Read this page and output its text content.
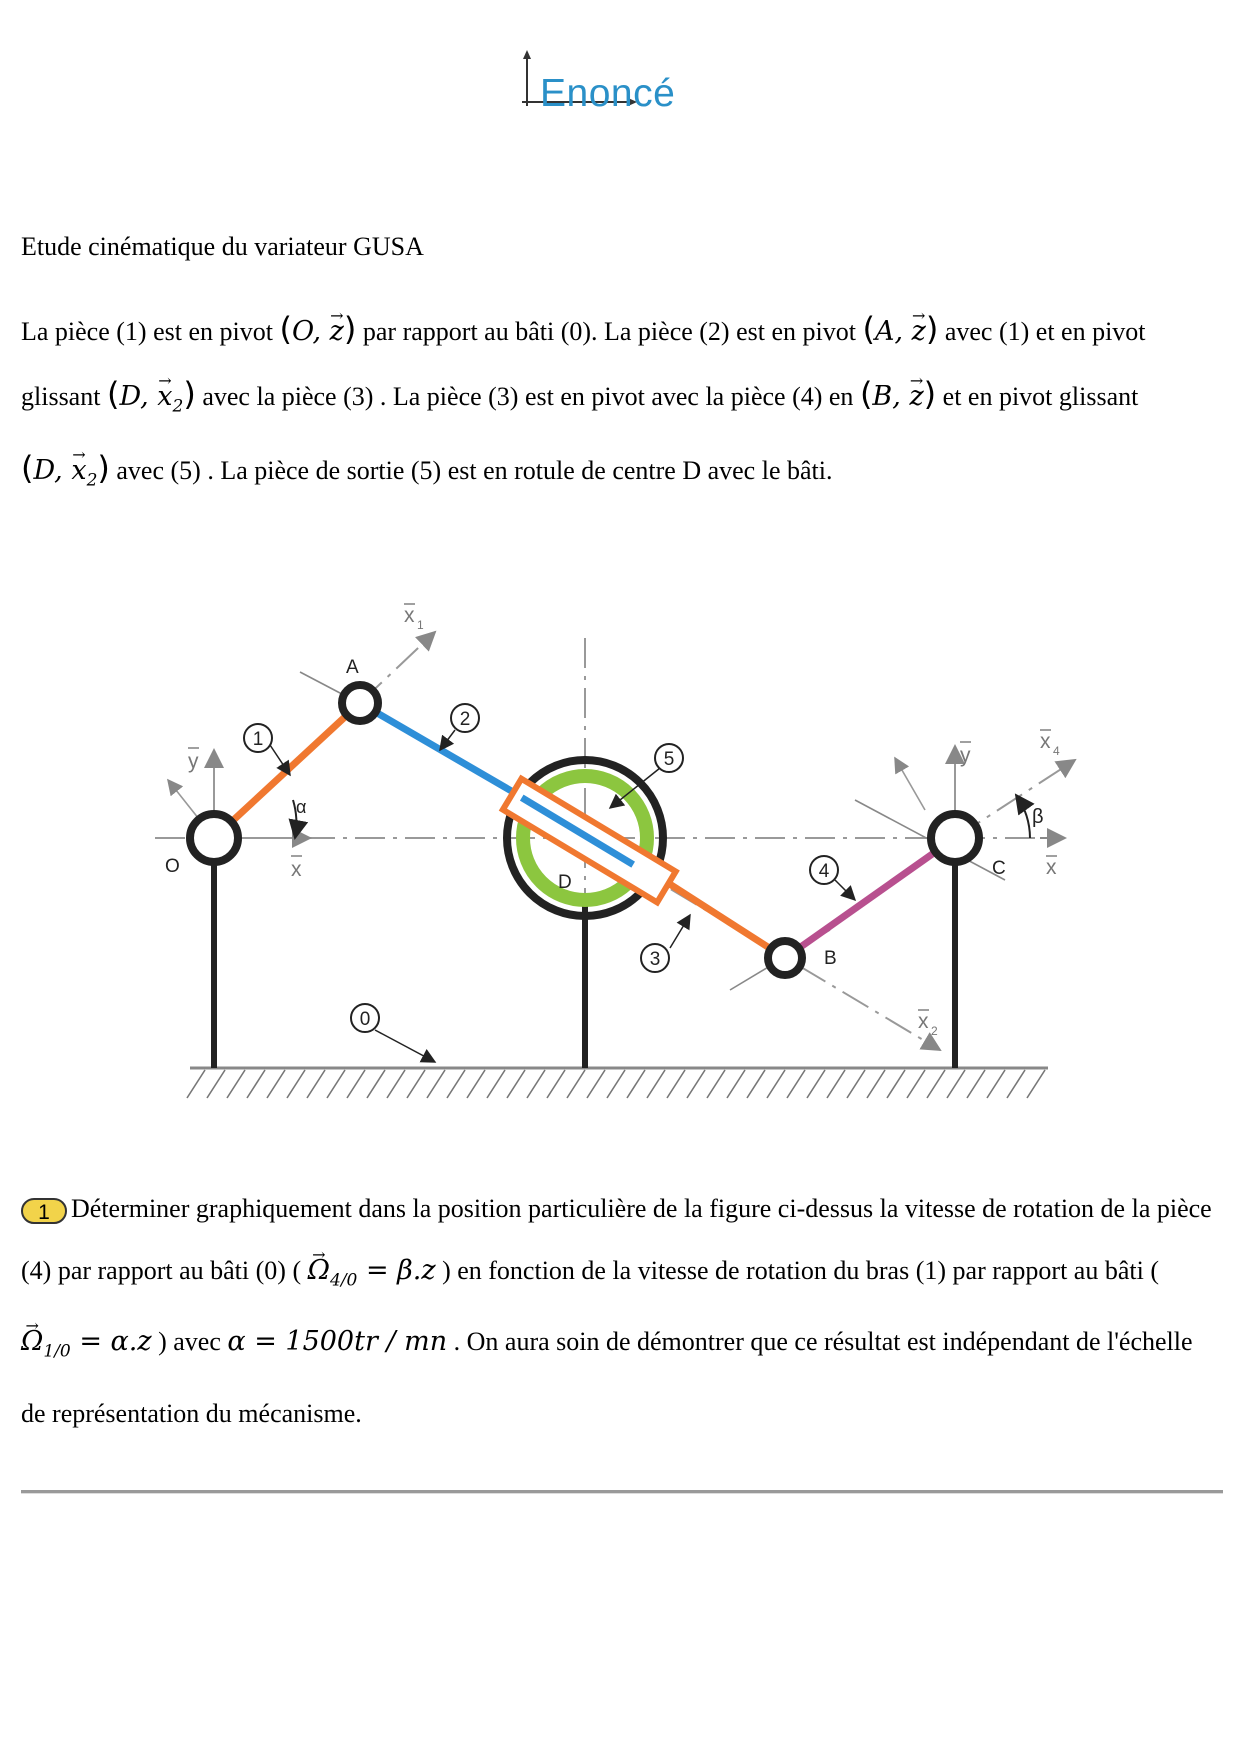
Enoncé
Etude cinématique du variateur GUSA
La pièce (1) est en pivot (O, → z) par rapport au bâti (0). La pièce (2) est en pivot (A, → z) avec (1) et en pivot glissant (D, → $x_2$) avec la pièce (3) . La pièce (3) est en pivot avec la pièce (4) en (B, → z) et en pivot glissant (D, → $x_2$) avec (5) . La pièce de sortie (5) est en rotule de centre D avec le bâti.
1
2
5
3
4
0
O
A
D
B
C
α	β
y
x
x 1
y
x 4
x
x 2
1 Déterminer graphiquement dans la position particulière de la figure ci-dessus la vitesse de rotation de la pièce (4) par rapport au bâti (0) ( → $\Omega_{4/0} = \beta.z$ ) en fonction de la vitesse de rotation du bras (1) par rapport au bâti ( → $\Omega_{1/0} = \alpha.z$ ) avec α = 1500tr / mn . On aura soin de démontrer que ce résultat est indépendant de l'échelle de représentation du mécanisme.
